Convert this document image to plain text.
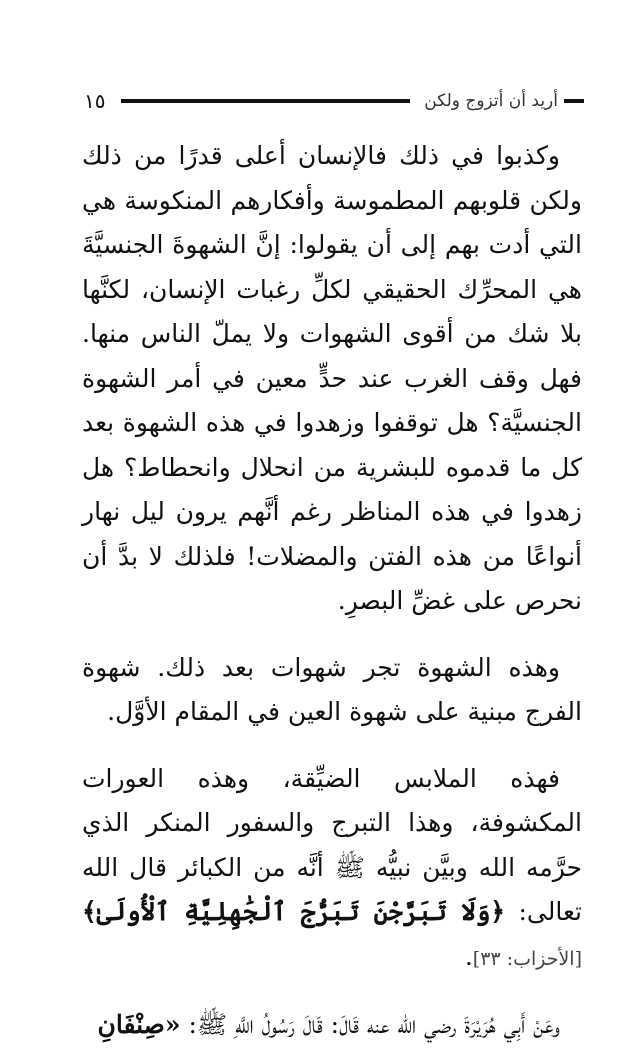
أريد أن أتزوج ولكن
١٥

وكذبوا في ذلك فالإنسان أعلى قدرًا من ذلك ولكن قلوبهم المطموسة وأفكارهم المنكوسة هي التي أدت بهم إلى أن يقولوا: إنَّ الشهوةَ الجنسيَّةَ هي المحرِّك الحقيقي لكلِّ رغبات الإنسان، لكنَّها بلا شك من أقوى الشهوات ولا يملّ الناس منها. فهل وقف الغرب عند حدٍّ معين في أمر الشهوة الجنسيَّة؟ هل توقفوا وزهدوا في هذه الشهوة بعد كل ما قدموه للبشرية من انحلال وانحطاط؟ هل زهدوا في هذه المناظر رغم أنَّهم يرون ليل نهار أنواعًا من هذه الفتن والمضلات! فلذلك لا بدَّ أن نحرص على غضِّ البصرِ.

وهذه الشهوة تجر شهوات بعد ذلك. شهوة الفرج مبنية على شهوة العين في المقام الأوَّل.

فهذه الملابس الضيِّقة، وهذه العورات المكشوفة، وهذا التبرج والسفور المنكر الذي حرَّمه الله وبيَّن نبيُّه ﷺ أنَّه من الكبائر قال الله تعالى: ﴿وَلَا تَبَرَّجْنَ تَبَرُّجَ ٱلْجَٰهِلِيَّةِ ٱلْأُولَىٰ﴾ [الأحزاب: ٣٣].

وعَنْ أَبِي هُرَيْرَةَ رضي الله عنه قَالَ: قَالَ رَسُولُ اللَّهِ ﷺ: «صِنْفَانِ
